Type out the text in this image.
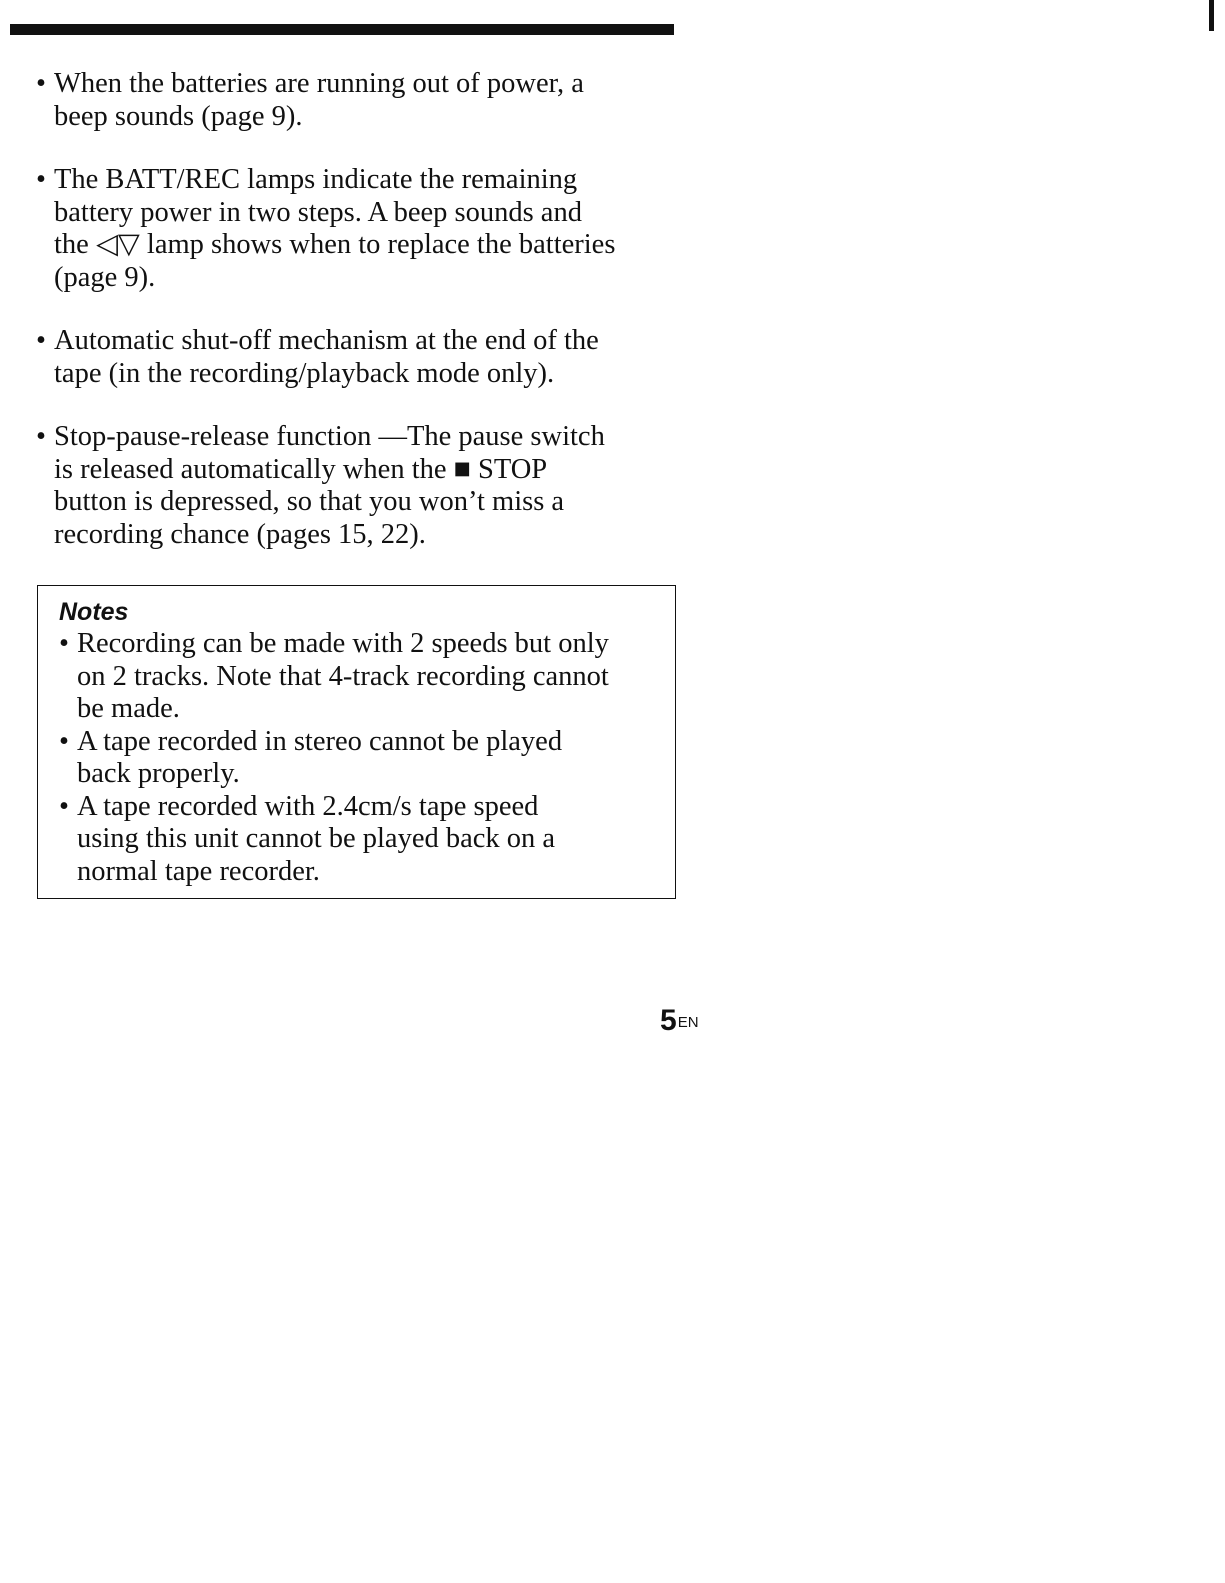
• When the batteries are running out of power, a
beep sounds (page 9).
• The BATT/REC lamps indicate the remaining
battery power in two steps. A beep sounds and
the ◁▽ lamp shows when to replace the batteries
(page 9).
• Automatic shut-off mechanism at the end of the
tape (in the recording/playback mode only).
• Stop-pause-release function —The pause switch
is released automatically when the ■ STOP
button is depressed, so that you won’t miss a
recording chance (pages 15, 22).

Notes

• Recording can be made with 2 speeds but only
on 2 tracks. Note that 4-track recording cannot
be made.
• A tape recorded in stereo cannot be played
back properly.
• A tape recorded with 2.4cm/s tape speed
using this unit cannot be played back on a
normal tape recorder.
$5^{EN}$
